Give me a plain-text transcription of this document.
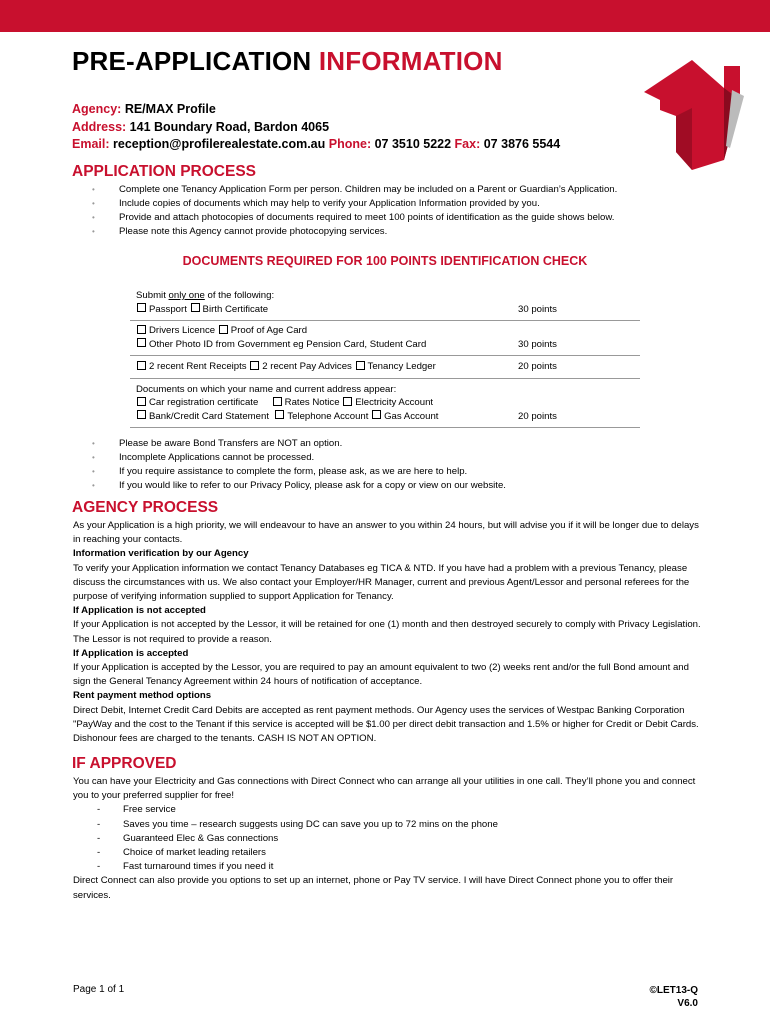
PRE-APPLICATION INFORMATION
Agency: RE/MAX Profile
Address: 141 Boundary Road, Bardon 4065
Email: reception@profilerealestate.com.au Phone: 07 3510 5222 Fax: 07 3876 5544
APPLICATION PROCESS
• Complete one Tenancy Application Form per person. Children may be included on a Parent or Guardian’s Application.
• Include copies of documents which may help to verify your Application Information provided by you.
• Provide and attach photocopies of documents required to meet 100 points of identification as the guide shows below.
• Please note this Agency cannot provide photocopying services.
DOCUMENTS REQUIRED FOR 100 POINTS IDENTIFICATION CHECK
Submit only one of the following:
Passport Birth Certificate	30 points
Drivers Licence Proof of Age Card
Other Photo ID from Government eg Pension Card, Student Card	30 points
2 recent Rent Receipts 2 recent Pay Advices Tenancy Ledger	20 points
Documents on which your name and current address appear:
Car registration certificate	Rates Notice Electricity Account
Bank/Credit Card Statement Telephone Account Gas Account	20 points
• Please be aware Bond Transfers are NOT an option.
• Incomplete Applications cannot be processed.
• If you require assistance to complete the form, please ask, as we are here to help.
• If you would like to refer to our Privacy Policy, please ask for a copy or view on our website.
AGENCY PROCESS

As your Application is a high priority, we will endeavour to have an answer to you within 24 hours, but will advise you if it will be longer due to delays in reaching your contacts.

Information verification by our Agency

To verify your Application information we contact Tenancy Databases eg TICA & NTD. If you have had a problem with a previous Tenancy, please discuss the circumstances with us. We also contact your Employer/HR Manager, current and previous Agent/Lessor and personal referees for the purpose of verifying information supplied to support Application for Tenancy.

If Application is not accepted

If your Application is not accepted by the Lessor, it will be retained for one (1) month and then destroyed securely to comply with Privacy Legislation. The Lessor is not required to provide a reason.

If Application is accepted

If your Application is accepted by the Lessor, you are required to pay an amount equivalent to two (2) weeks rent and/or the full Bond amount and sign the General Tenancy Agreement within 24 hours of notification of acceptance.

Rent payment method options

Direct Debit, Internet Credit Card Debits are accepted as rent payment methods. Our Agency uses the services of Westpac Banking Corporation "PayWay and the cost to the Tenant if this service is accepted will be $1.00 per direct debit transaction and 1.5% or higher for Credit or Debit Cards. Dishonour fees are charged to the tenants. CASH IS NOT AN OPTION.

IF APPROVED

You can have your Electricity and Gas connections with Direct Connect who can arrange all your utilities in one call. They’ll phone you and connect you to your preferred supplier for free!

- Free service
- Saves you time – research suggests using DC can save you up to 72 mins on the phone
- Guaranteed Elec & Gas connections
- Choice of market leading retailers
- Fast turnaround times if you need it

Direct Connect can also provide you options to set up an internet, phone or Pay TV service. I will have Direct Connect phone you to offer their services.

Page 1 of 1	©LET13-Q
V6.0
